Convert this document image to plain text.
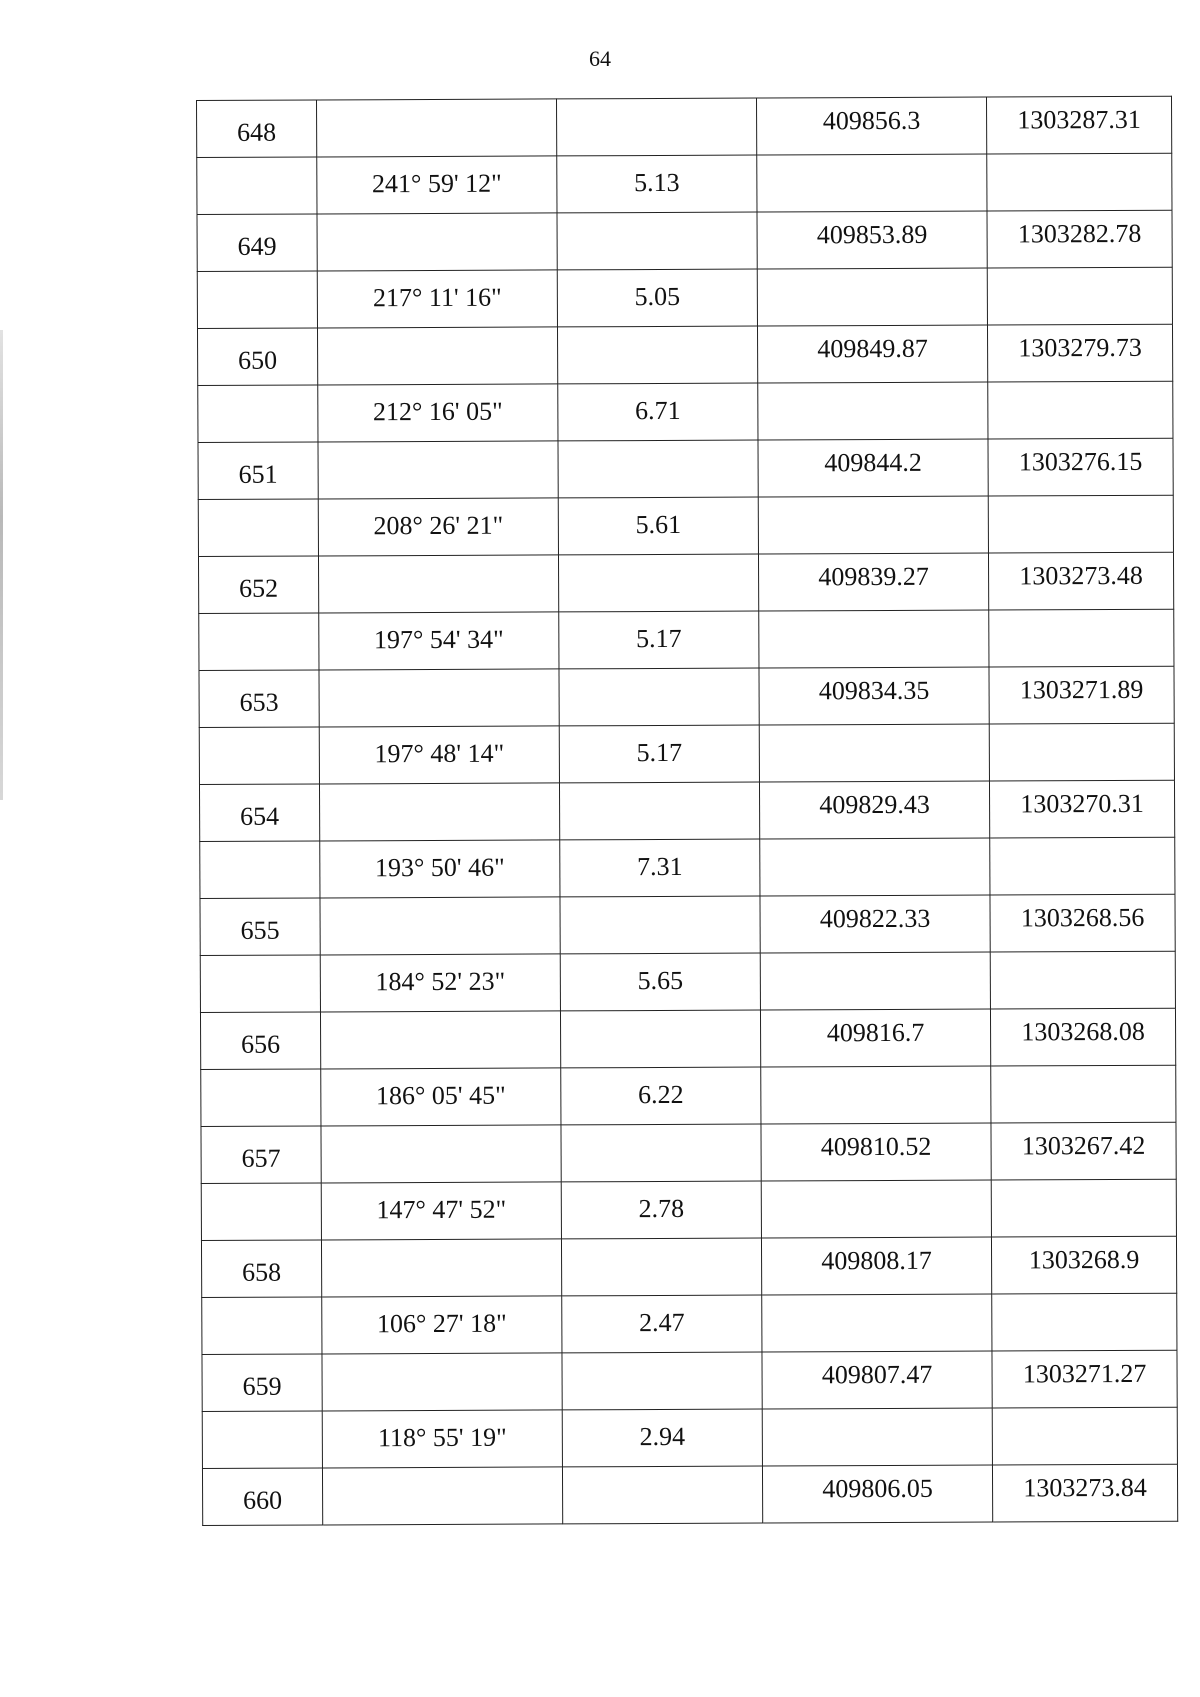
64
648			409856.3	1303287.31
	241° 59' 12"	5.13		
649			409853.89	1303282.78
	217° 11' 16"	5.05		
650			409849.87	1303279.73
	212° 16' 05"	6.71		
651			409844.2	1303276.15
	208° 26' 21"	5.61		
652			409839.27	1303273.48
	197° 54' 34"	5.17		
653			409834.35	1303271.89
	197° 48' 14"	5.17		
654			409829.43	1303270.31
	193° 50' 46"	7.31		
655			409822.33	1303268.56
	184° 52' 23"	5.65		
656			409816.7	1303268.08
	186° 05' 45"	6.22		
657			409810.52	1303267.42
	147° 47' 52"	2.78		
658			409808.17	1303268.9
	106° 27' 18"	2.47		
659			409807.47	1303271.27
	118° 55' 19"	2.94		
660			409806.05	1303273.84
